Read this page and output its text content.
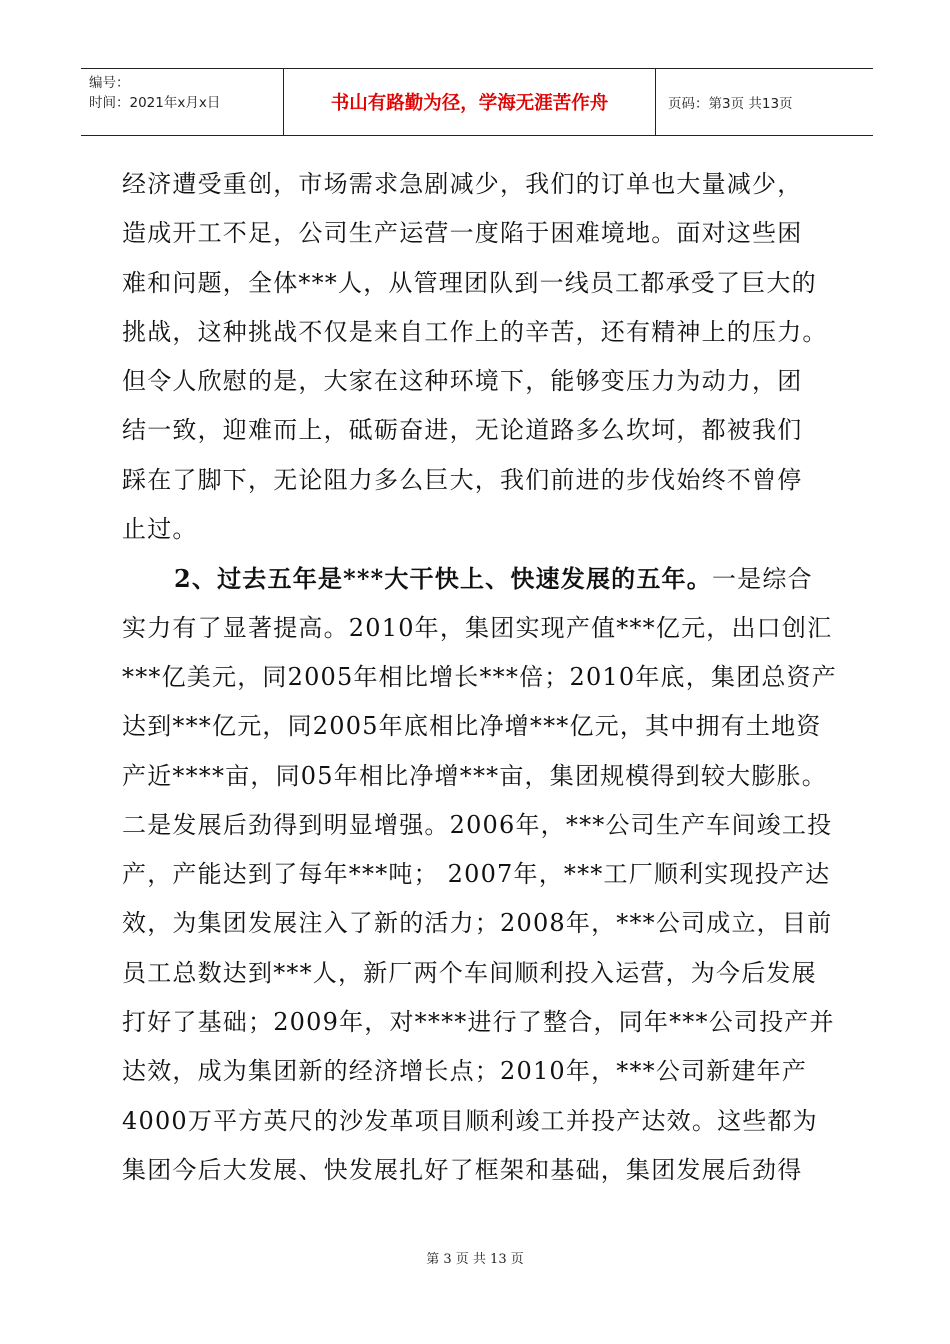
编号：
时间：2021年x月x日	书山有路勤为径，学海无涯苦作舟	页码：第3页 共13页
经济遭受重创，市场需求急剧减少，我们的订单也大量减少，
造成开工不足，公司生产运营一度陷于困难境地。面对这些困
难和问题，全体***人，从管理团队到一线员工都承受了巨大的
挑战，这种挑战不仅是来自工作上的辛苦，还有精神上的压力。
但令人欣慰的是，大家在这种环境下，能够变压力为动力，团
结一致，迎难而上，砥砺奋进，无论道路多么坎坷，都被我们
踩在了脚下，无论阻力多么巨大，我们前进的步伐始终不曾停
止过。
2、过去五年是***大干快上、快速发展的五年。一是综合
实力有了显著提高。2010年，集团实现产值***亿元，出口创汇
***亿美元，同2005年相比增长***倍；2010年底，集团总资产
达到***亿元，同2005年底相比净增***亿元，其中拥有土地资
产近****亩，同05年相比净增***亩，集团规模得到较大膨胀。
二是发展后劲得到明显增强。2006年，***公司生产车间竣工投
产，产能达到了每年***吨； 2007年，***工厂顺利实现投产达
效，为集团发展注入了新的活力；2008年，***公司成立，目前
员工总数达到***人，新厂两个车间顺利投入运营，为今后发展
打好了基础；2009年，对****进行了整合，同年***公司投产并
达效，成为集团新的经济增长点；2010年，***公司新建年产
4000万平方英尺的沙发革项目顺利竣工并投产达效。这些都为
集团今后大发展、快发展扎好了框架和基础，集团发展后劲得
第 3 页 共 13 页
